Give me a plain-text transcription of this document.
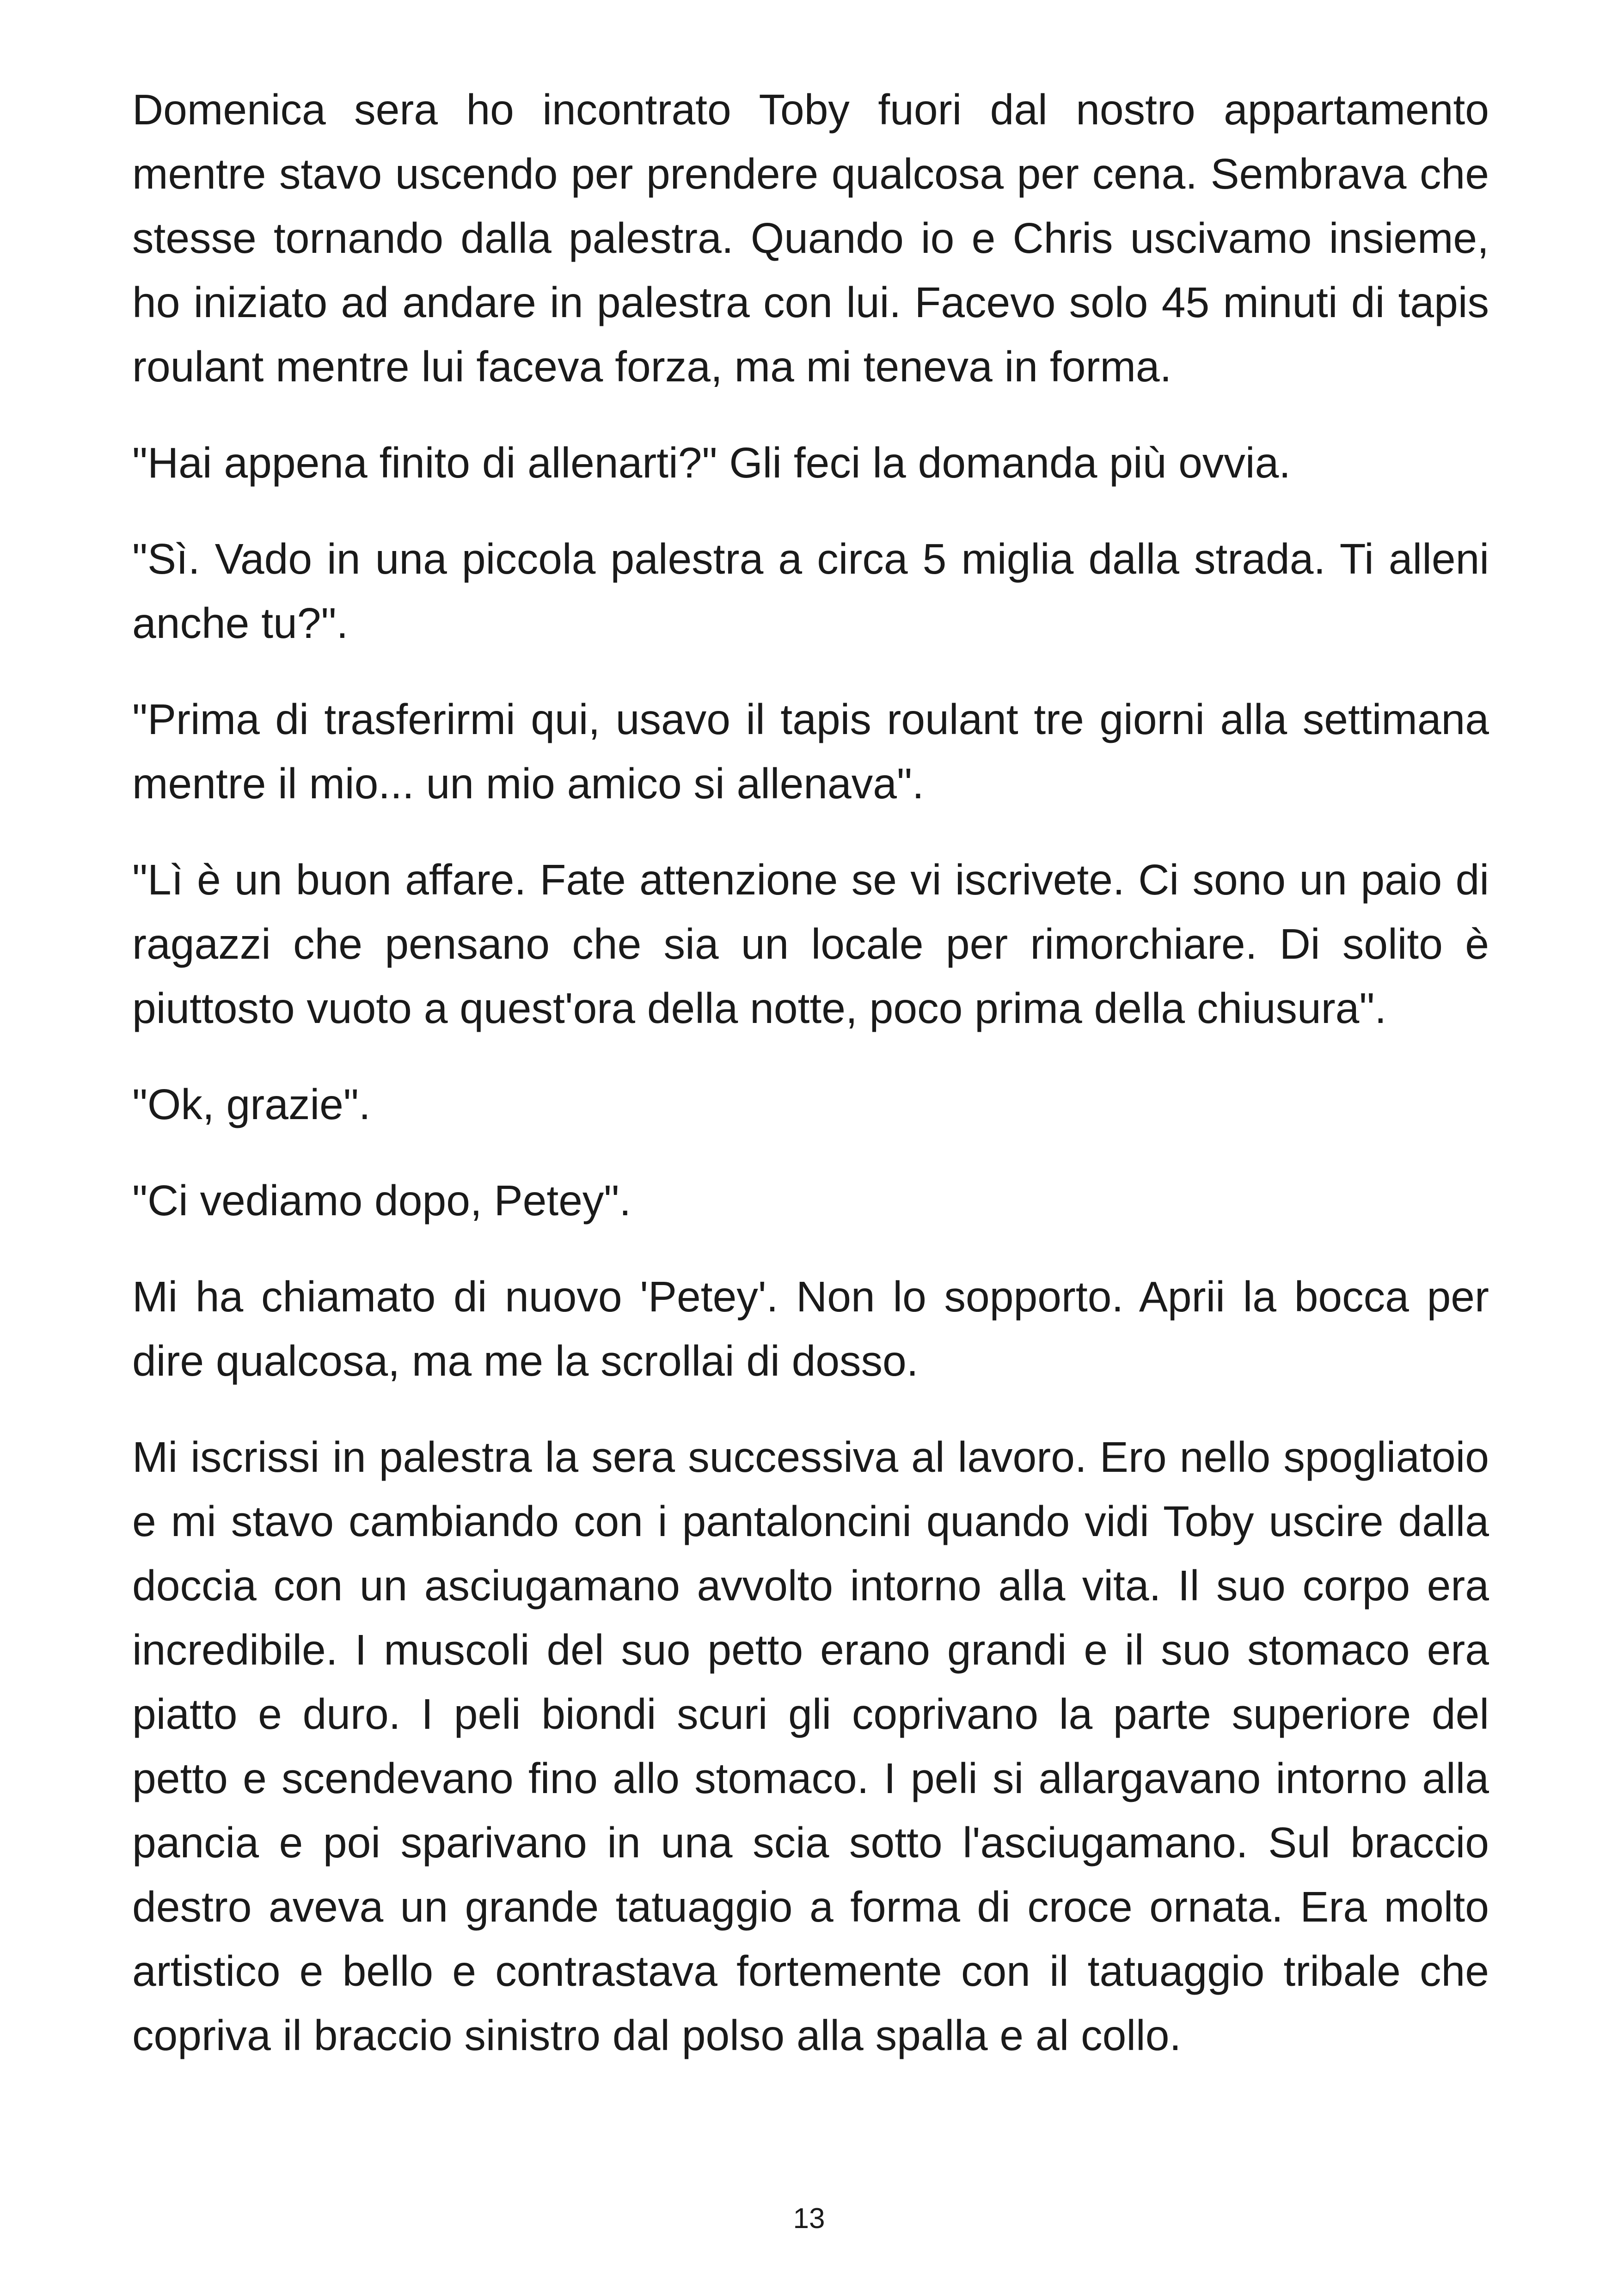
Domenica sera ho incontrato Toby fuori dal nostro appartamento mentre stavo uscendo per prendere qualcosa per cena. Sembrava che stesse tornando dalla palestra. Quando io e Chris uscivamo insieme, ho iniziato ad andare in palestra con lui. Facevo solo 45 minuti di tapis roulant mentre lui faceva forza, ma mi teneva in forma.

"Hai appena finito di allenarti?" Gli feci la domanda più ovvia.

"Sì. Vado in una piccola palestra a circa 5 miglia dalla strada. Ti alleni anche tu?".

"Prima di trasferirmi qui, usavo il tapis roulant tre giorni alla settimana mentre il mio... un mio amico si allenava".

"Lì è un buon affare. Fate attenzione se vi iscrivete. Ci sono un paio di ragazzi che pensano che sia un locale per rimorchiare. Di solito è piuttosto vuoto a quest'ora della notte, poco prima della chiusura".

"Ok, grazie".

"Ci vediamo dopo, Petey".

Mi ha chiamato di nuovo 'Petey'. Non lo sopporto. Aprii la bocca per dire qualcosa, ma me la scrollai di dosso.

Mi iscrissi in palestra la sera successiva al lavoro. Ero nello spogliatoio e mi stavo cambiando con i pantaloncini quando vidi Toby uscire dalla doccia con un asciugamano avvolto intorno alla vita. Il suo corpo era incredibile. I muscoli del suo petto erano grandi e il suo stomaco era piatto e duro. I peli biondi scuri gli coprivano la parte superiore del petto e scendevano fino allo stomaco. I peli si allargavano intorno alla pancia e poi sparivano in una scia sotto l'asciugamano. Sul braccio destro aveva un grande tatuaggio a forma di croce ornata. Era molto artistico e bello e contrastava fortemente con il tatuaggio tribale che copriva il braccio sinistro dal polso alla spalla e al collo.

13
